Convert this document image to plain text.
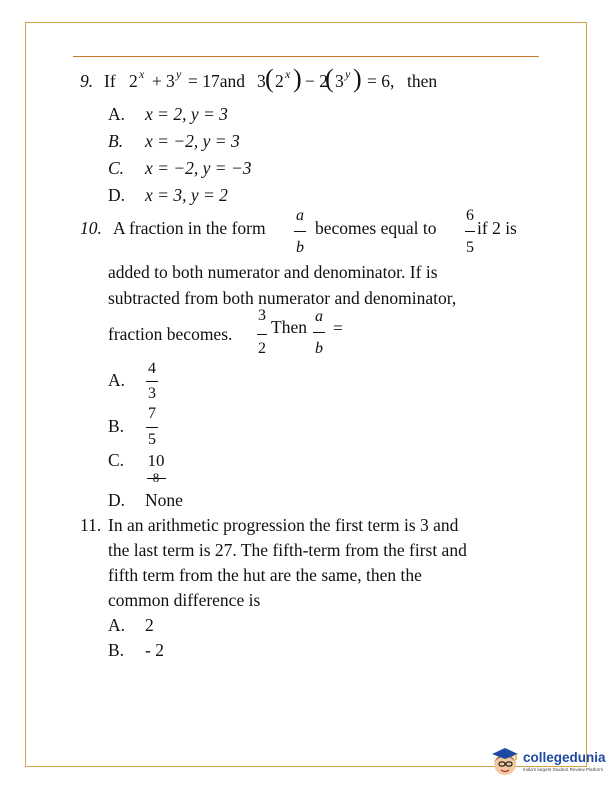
9. If 2 x + 3 y = 17and 3 ( 2 x ) − 2
( 3 y ) = 6, then
A. x = 2, y = 3
B. x = −2, y = 3
C. x = −2, y = −3
D. x = 3, y = 2
10. A fraction in the form
a
b
becomes equal to
6
5
if 2 is
added to both numerator and denominator. If is
subtracted from both numerator and denominator,
fraction becomes.
3
2
Then
a
b
=
A.
4
3
B.
7
5
C. 10
8
D. None
11. In an arithmetic progression the first term is 3 and
the last term is 27. The fifth-term from the first and
fifth term from the hut are the same, then the
common difference is
A. 2
B. - 2
collegedunia
India's largest Student Review Platform
